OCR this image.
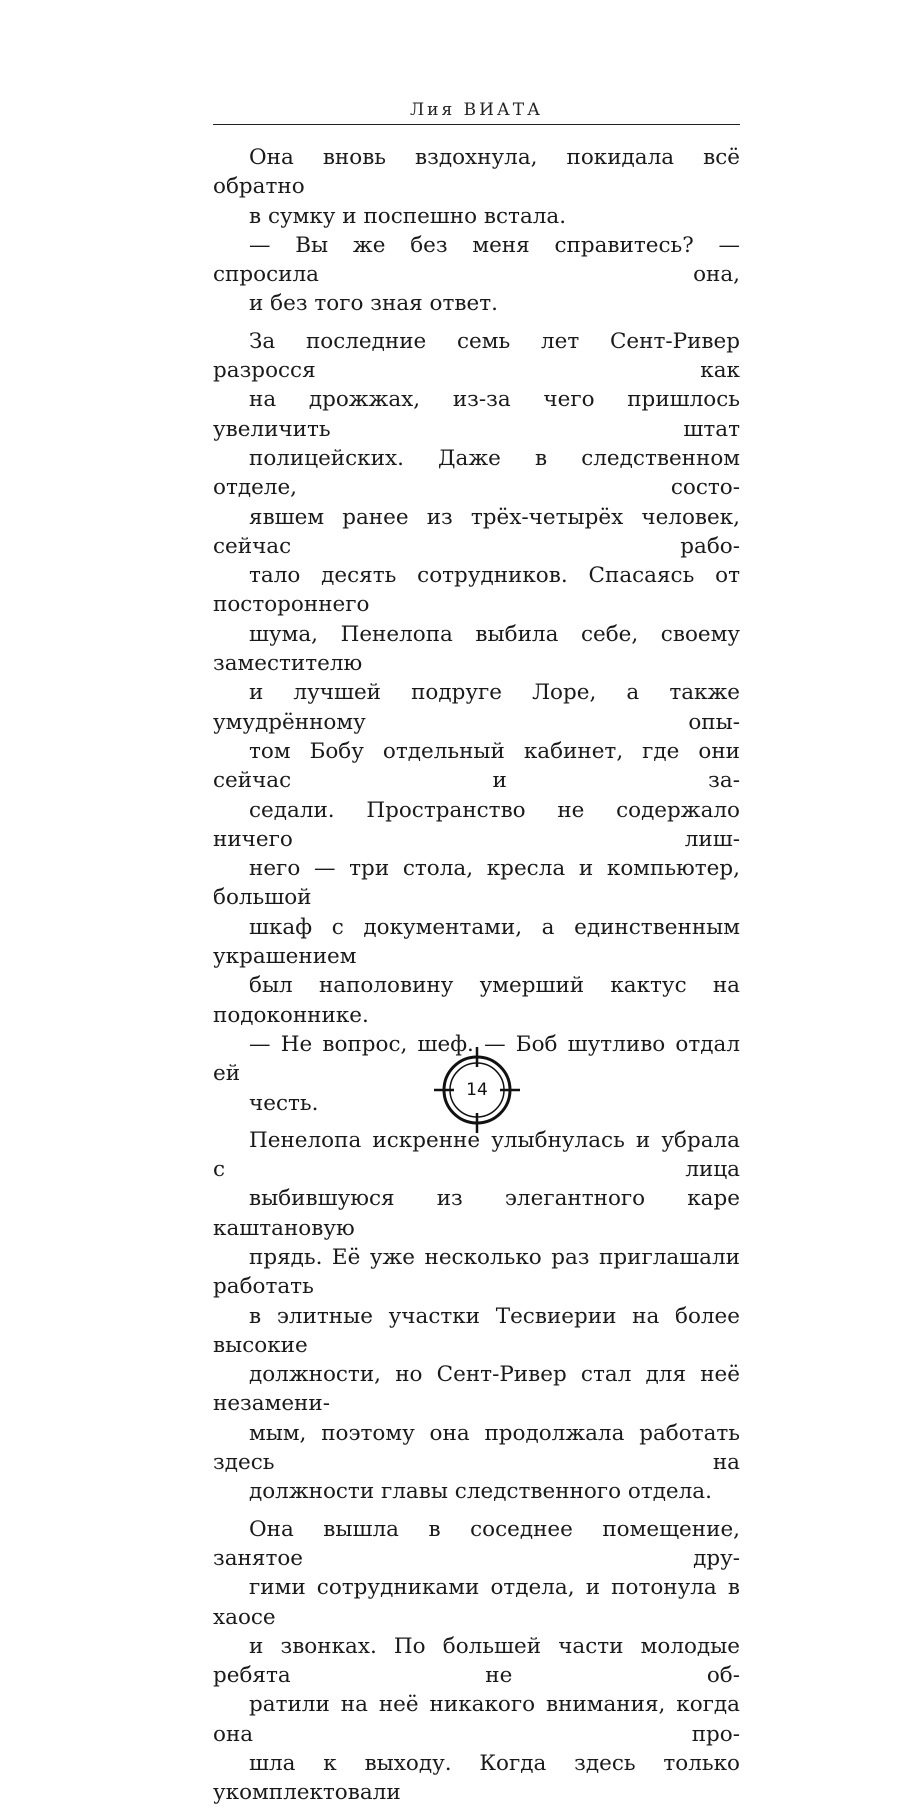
Лия ВИАТА

Она вновь вздохнула, покидала всё обратно
в сумку и поспешно встала.

— Вы же без меня справитесь? — спросила она,
и без того зная ответ.

За последние семь лет Сент-Ривер разросся как
на дрожжах, из-за чего пришлось увеличить штат
полицейских. Даже в следственном отделе, состо-
явшем ранее из трёх-четырёх человек, сейчас рабо-
тало десять сотрудников. Спасаясь от постороннего
шума, Пенелопа выбила себе, своему заместителю
и лучшей подруге Лоре, а также умудрённому опы-
том Бобу отдельный кабинет, где они сейчас и за-
седали. Пространство не содержало ничего лиш-
него — три стола, кресла и компьютер, большой
шкаф с документами, а единственным украшением
был наполовину умерший кактус на подоконнике.

— Не вопрос, шеф. — Боб шутливо отдал ей
честь.

Пенелопа искренне улыбнулась и убрала с лица
выбившуюся из элегантного каре каштановую
прядь. Её уже несколько раз приглашали работать
в элитные участки Тесвиерии на более высокие
должности, но Сент-Ривер стал для неё незамени-
мым, поэтому она продолжала работать здесь на
должности главы следственного отдела.

Она вышла в соседнее помещение, занятое дру-
гими сотрудниками отдела, и потонула в хаосе
и звонках. По большей части молодые ребята не об-
ратили на неё никакого внимания, когда она про-
шла к выходу. Когда здесь только укомплектовали

14
